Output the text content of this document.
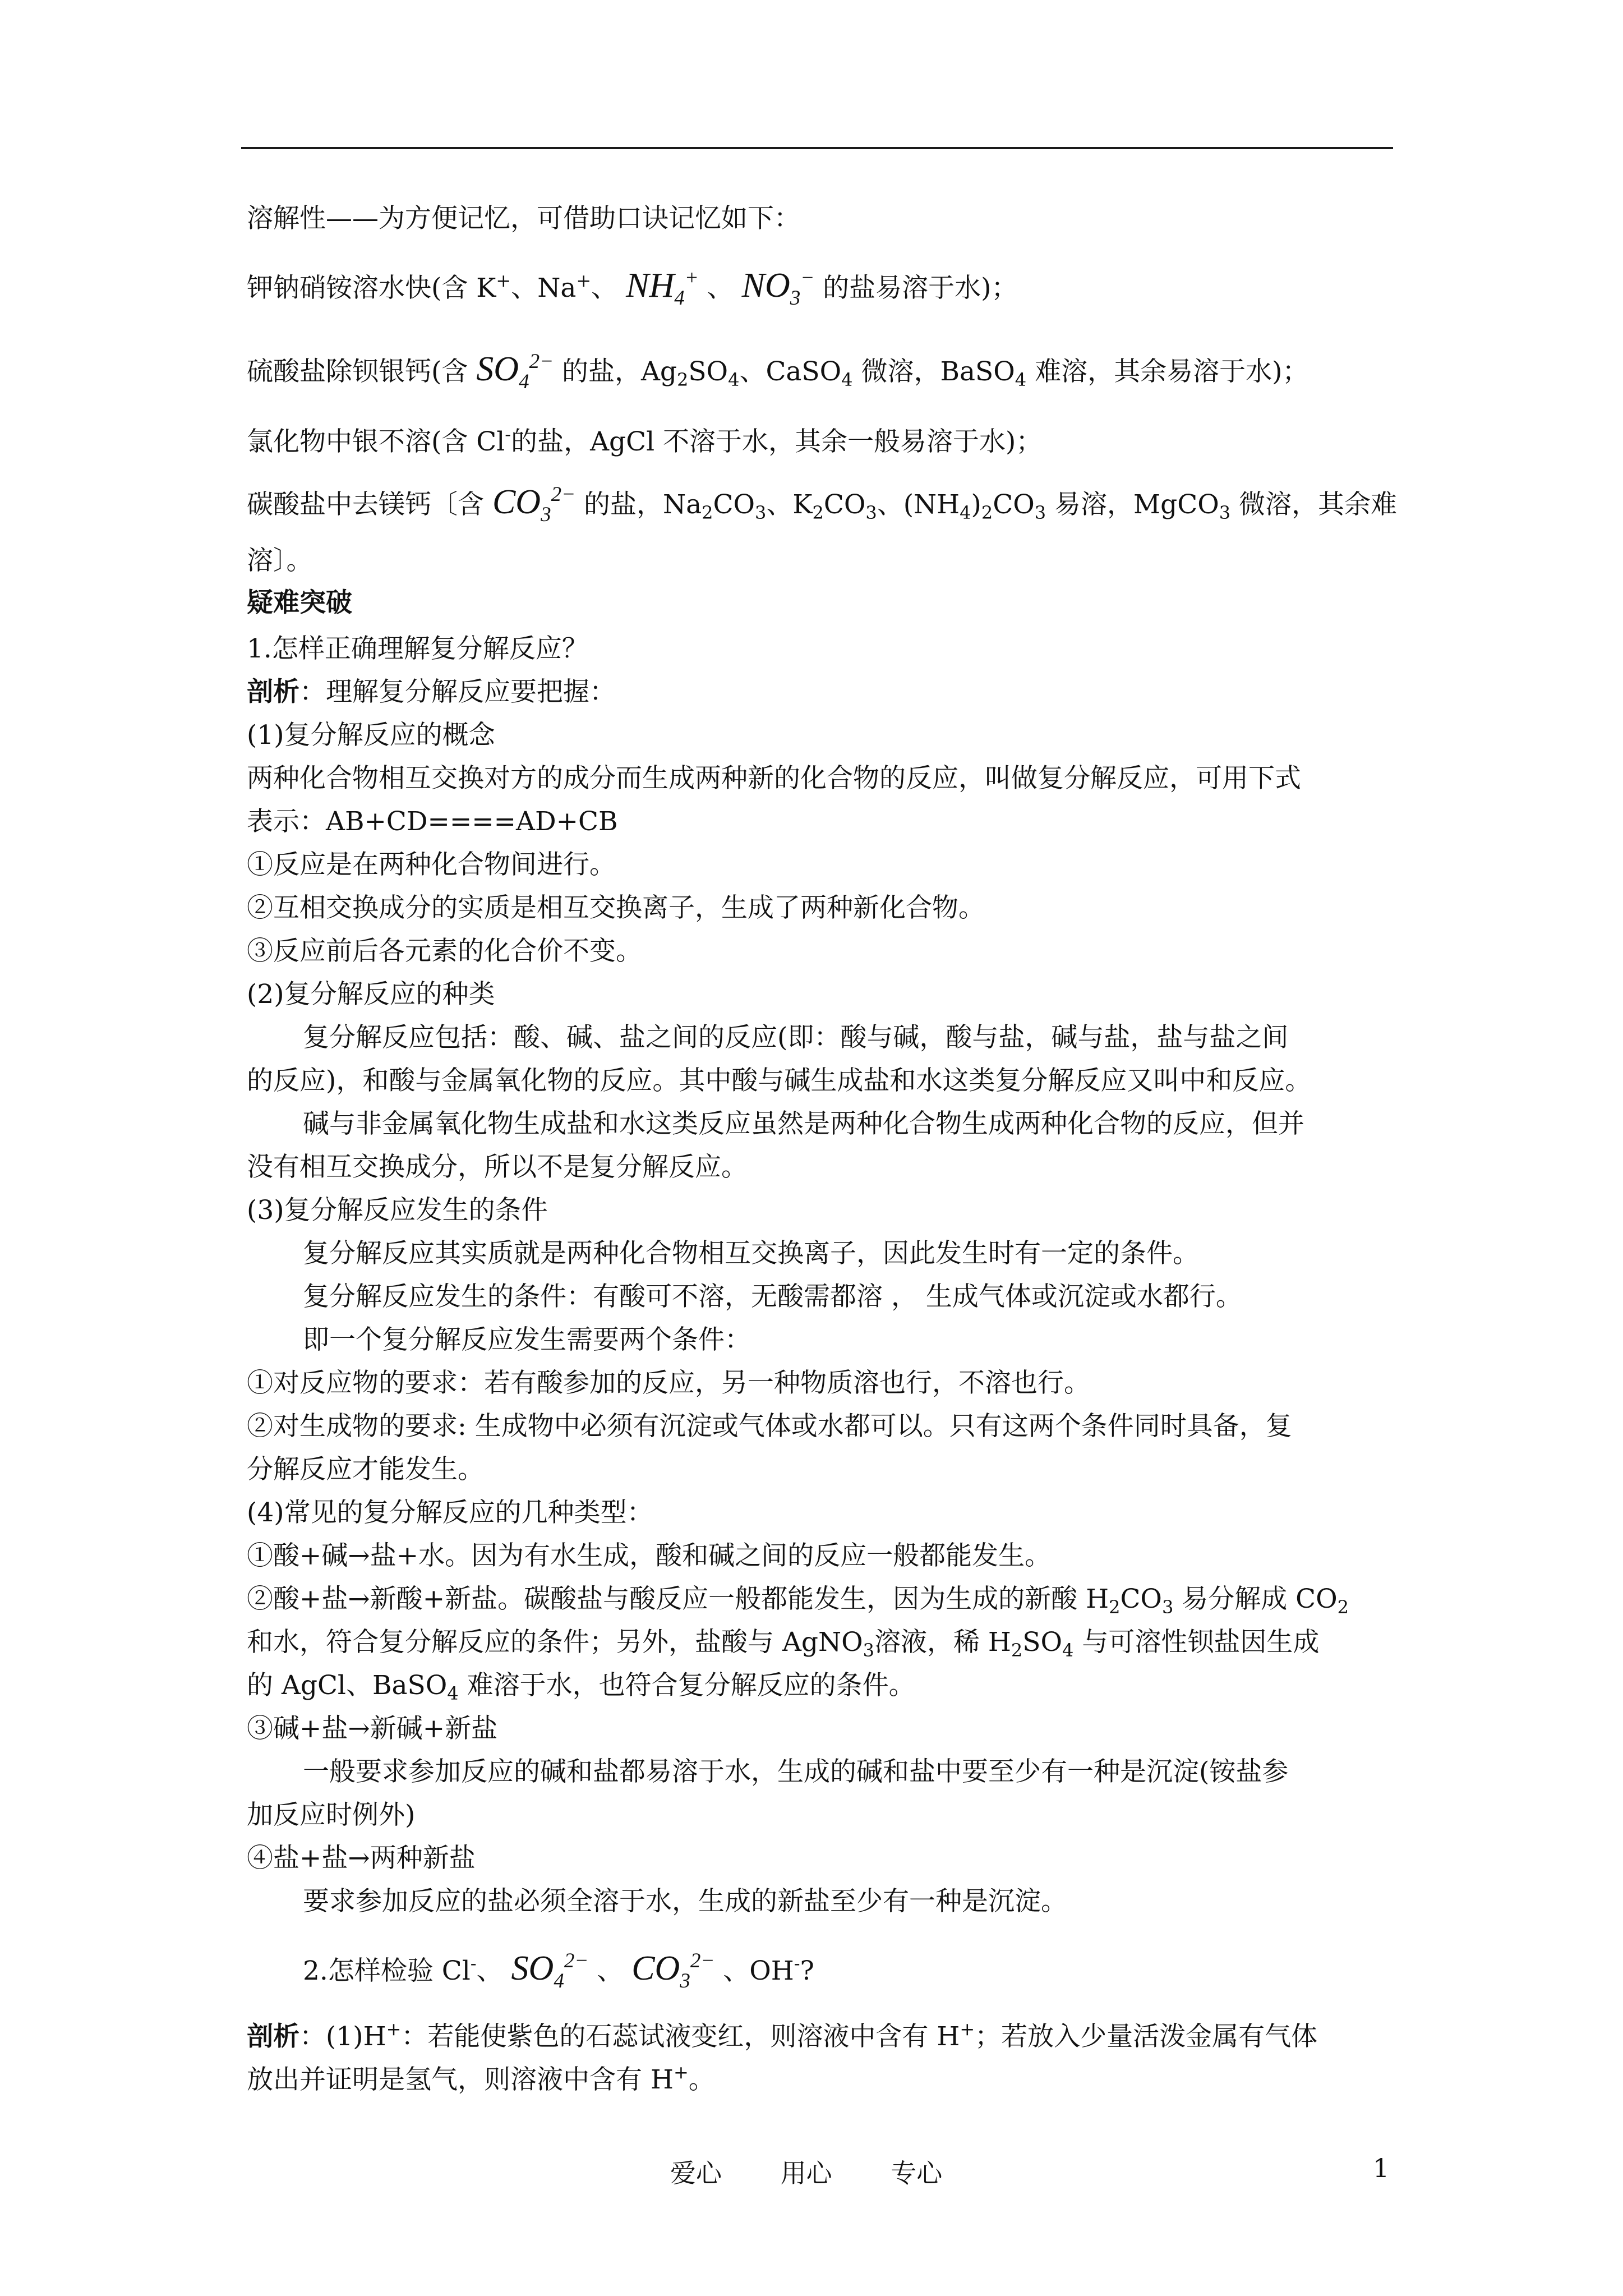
溶解性——为方便记忆，可借助口诀记忆如下：
钾钠硝铵溶水快(含 K+、Na+、 $NH_4^+$ 、 $NO_3^-$ 的盐易溶于水)；
硫酸盐除钡银钙(含 $SO_4^{2-}$ 的盐，$Ag_2SO_4$、CaSO$_4$ 微溶，BaSO$_4$ 难溶，其余易溶于水)；
氯化物中银不溶(含 Cl-的盐，AgCl 不溶于水，其余一般易溶于水)；
碳酸盐中去镁钙〔含 $CO_3^{2-}$ 的盐，$Na_2CO_3$、$K_2CO_3$、$(NH_4)_2CO_3$ 易溶，MgCO$_3$ 微溶，其余难
溶〕。
疑难突破
1.怎样正确理解复分解反应？
剖析：理解复分解反应要把握：
(1)复分解反应的概念
两种化合物相互交换对方的成分而生成两种新的化合物的反应，叫做复分解反应，可用下式
表示：AB+CD====AD+CB
①反应是在两种化合物间进行。
②互相交换成分的实质是相互交换离子，生成了两种新化合物。
③反应前后各元素的化合价不变。
(2)复分解反应的种类
复分解反应包括：酸、碱、盐之间的反应(即：酸与碱，酸与盐，碱与盐，盐与盐之间
的反应)，和酸与金属氧化物的反应。其中酸与碱生成盐和水这类复分解反应又叫中和反应。
碱与非金属氧化物生成盐和水这类反应虽然是两种化合物生成两种化合物的反应，但并
没有相互交换成分，所以不是复分解反应。
(3)复分解反应发生的条件
复分解反应其实质就是两种化合物相互交换离子，因此发生时有一定的条件。
复分解反应发生的条件：有酸可不溶，无酸需都溶 ， 生成气体或沉淀或水都行。
即一个复分解反应发生需要两个条件：
①对反应物的要求：若有酸参加的反应，另一种物质溶也行，不溶也行。
②对生成物的要求: 生成物中必须有沉淀或气体或水都可以。只有这两个条件同时具备，复
分解反应才能发生。
(4)常见的复分解反应的几种类型：
①酸+碱→盐+水。因为有水生成，酸和碱之间的反应一般都能发生。
②酸+盐→新酸+新盐。碳酸盐与酸反应一般都能发生，因为生成的新酸 $H_2CO_3$ 易分解成 $CO_2$
和水，符合复分解反应的条件；另外，盐酸与 AgNO$_3$溶液，稀 $H_2SO_4$ 与可溶性钡盐因生成
的 AgCl、BaSO$_4$ 难溶于水，也符合复分解反应的条件。
③碱+盐→新碱+新盐
一般要求参加反应的碱和盐都易溶于水，生成的碱和盐中要至少有一种是沉淀(铵盐参
加反应时例外)
④盐+盐→两种新盐
要求参加反应的盐必须全溶于水，生成的新盐至少有一种是沉淀。
2.怎样检验 Cl-、 $SO_4^{2-}$ 、 $CO_3^{2-}$ 、OH-?
剖析：(1)H+：若能使紫色的石蕊试液变红，则溶液中含有 H+；若放入少量活泼金属有气体
放出并证明是氢气，则溶液中含有 H+。
爱心 用心 专心	1
